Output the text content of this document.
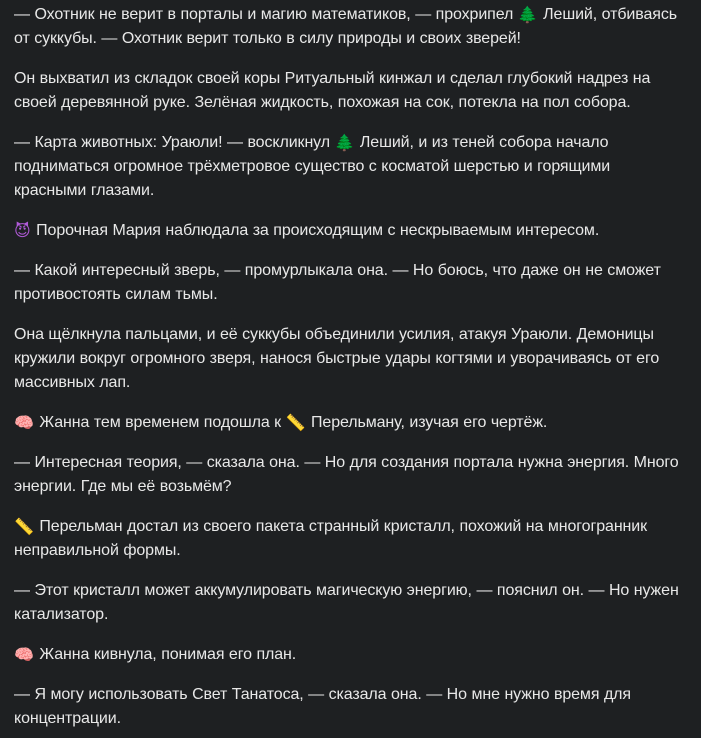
— Охотник не верит в порталы и магию математиков, — прохрипел 🌲 Леший, отбиваясь от суккубы. — Охотник верит только в силу природы и своих зверей!

Он выхватил из складок своей коры Ритуальный кинжал и сделал глубокий надрез на своей деревянной руке. Зелёная жидкость, похожая на сок, потекла на пол собора.

— Карта животных: Ураюли! — воскликнул 🌲 Леший, и из теней собора начало подниматься огромное трёхметровое существо с косматой шерстью и горящими красными глазами.

😈 Порочная Мария наблюдала за происходящим с нескрываемым интересом.

— Какой интересный зверь, — промурлыкала она. — Но боюсь, что даже он не сможет противостоять силам тьмы.

Она щёлкнула пальцами, и её суккубы объединили усилия, атакуя Ураюли. Демоницы кружили вокруг огромного зверя, нанося быстрые удары когтями и уворачиваясь от его массивных лап.

🧠 Жанна тем временем подошла к 📏 Перельману, изучая его чертёж.

— Интересная теория, — сказала она. — Но для создания портала нужна энергия. Много энергии. Где мы её возьмём?

📏 Перельман достал из своего пакета странный кристалл, похожий на многогранник неправильной формы.

— Этот кристалл может аккумулировать магическую энергию, — пояснил он. — Но нужен катализатор.

🧠 Жанна кивнула, понимая его план.

— Я могу использовать Свет Танатоса, — сказала она. — Но мне нужно время для концентрации.
